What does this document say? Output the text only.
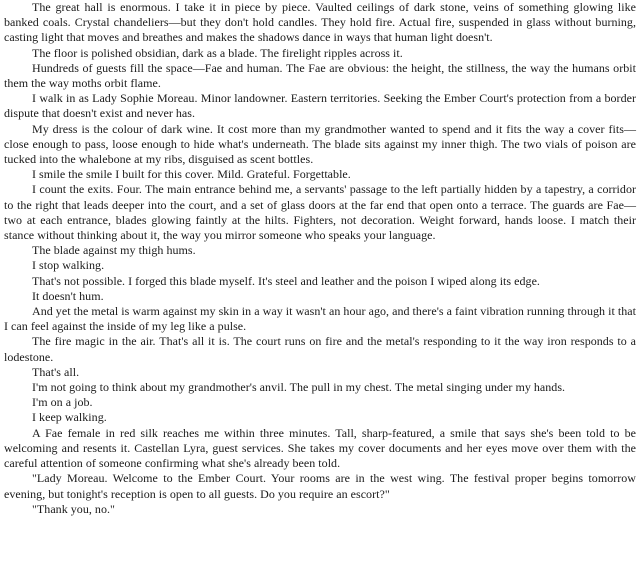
The great hall is enormous. I take it in piece by piece. Vaulted ceilings of dark stone, veins of something glowing like banked coals. Crystal chandeliers—but they don't hold candles. They hold fire. Actual fire, suspended in glass without burning, casting light that moves and breathes and makes the shadows dance in ways that human light doesn't.

The floor is polished obsidian, dark as a blade. The firelight ripples across it.

Hundreds of guests fill the space—Fae and human. The Fae are obvious: the height, the stillness, the way the humans orbit them the way moths orbit flame.

I walk in as Lady Sophie Moreau. Minor landowner. Eastern territories. Seeking the Ember Court's protection from a border dispute that doesn't exist and never has.

My dress is the colour of dark wine. It cost more than my grandmother wanted to spend and it fits the way a cover fits—close enough to pass, loose enough to hide what's underneath. The blade sits against my inner thigh. The two vials of poison are tucked into the whalebone at my ribs, disguised as scent bottles.

I smile the smile I built for this cover. Mild. Grateful. Forgettable.

I count the exits. Four. The main entrance behind me, a servants' passage to the left partially hidden by a tapestry, a corridor to the right that leads deeper into the court, and a set of glass doors at the far end that open onto a terrace. The guards are Fae—two at each entrance, blades glowing faintly at the hilts. Fighters, not decoration. Weight forward, hands loose. I match their stance without thinking about it, the way you mirror someone who speaks your language.

The blade against my thigh hums.

I stop walking.

That's not possible. I forged this blade myself. It's steel and leather and the poison I wiped along its edge.

It doesn't hum.

And yet the metal is warm against my skin in a way it wasn't an hour ago, and there's a faint vibration running through it that I can feel against the inside of my leg like a pulse.

The fire magic in the air. That's all it is. The court runs on fire and the metal's responding to it the way iron responds to a lodestone.

That's all.

I'm not going to think about my grandmother's anvil. The pull in my chest. The metal singing under my hands.

I'm on a job.

I keep walking.

A Fae female in red silk reaches me within three minutes. Tall, sharp-featured, a smile that says she's been told to be welcoming and resents it. Castellan Lyra, guest services. She takes my cover documents and her eyes move over them with the careful attention of someone confirming what she's already been told.

"Lady Moreau. Welcome to the Ember Court. Your rooms are in the west wing. The festival proper begins tomorrow evening, but tonight's reception is open to all guests. Do you require an escort?"

"Thank you, no."
